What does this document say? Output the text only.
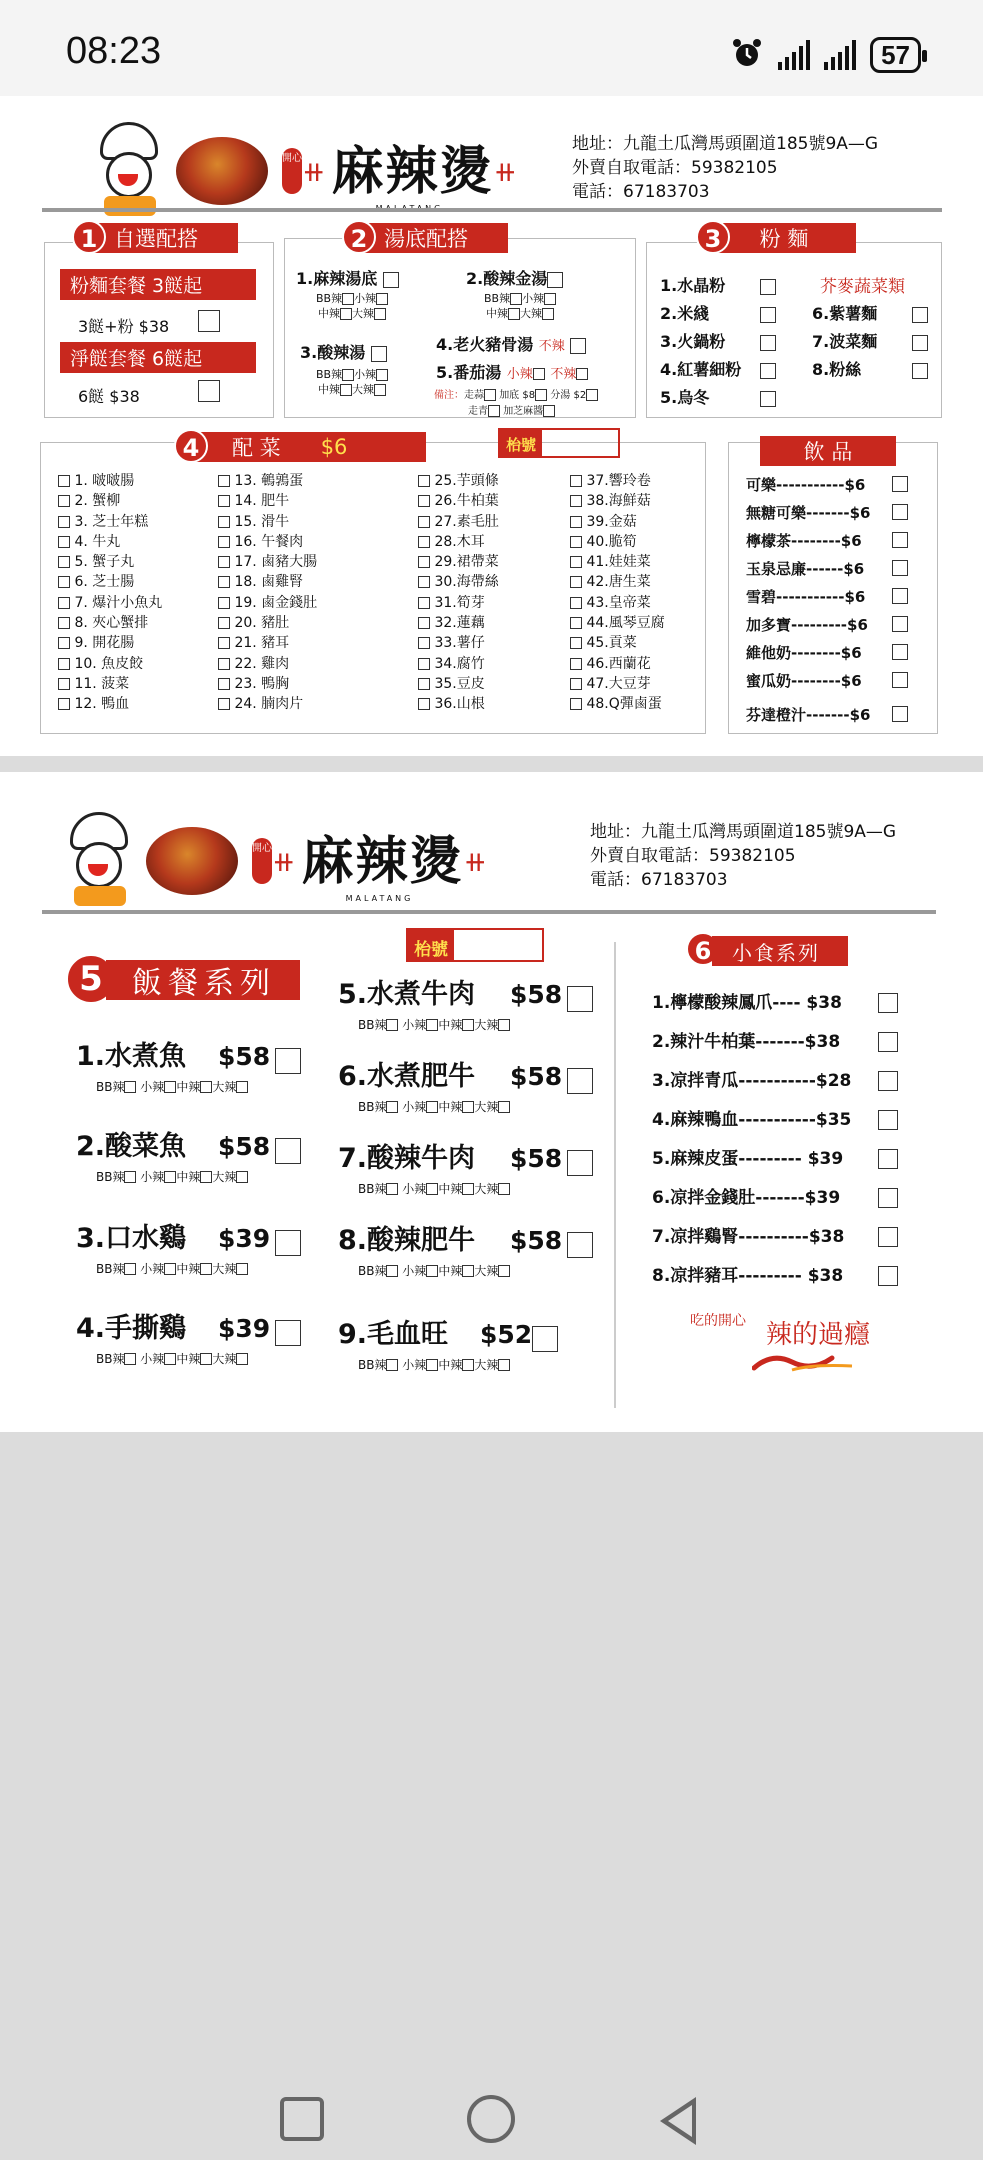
08:23	57
開心 ⧺ 麻辣燙 ⧺
地址：九龍土瓜灣馬頭圍道185號9A—G
外賣自取電話：59382105
電話：67183703
自選配搭
1
粉麵套餐 3餸起
3餸+粉 $38
淨餸套餐 6餸起
6餸 $38
湯底配搭
2
1.麻辣湯底
BB辣 小辣
中辣 大辣
2.酸辣金湯
BB辣 小辣
中辣 大辣
3.酸辣湯
BB辣 小辣
中辣 大辣
4.老火豬骨湯 不辣
5.番茄湯 小辣 不辣
備注：走蒜 加底 $8 分湯 $2
走青 加芝麻醬
粉 麵
3
1.水晶粉
2.米綫
3.火鍋粉
4.紅薯細粉
5.烏冬
芥麥蔬菜類
6.紫薯麵
7.波菜麵
8.粉絲
配 菜 $6
4	枱號
1. 啵啵腸
2. 蟹柳
3. 芝士年糕
4. 牛丸
5. 蟹子丸
6. 芝士腸
7. 爆汁小魚丸
8. 夾心蟹排
9. 開花腸
10. 魚皮餃
11. 菠菜
12. 鴨血
13. 鵪鶉蛋
14. 肥牛
15. 滑牛
16. 午餐肉
17. 鹵豬大腸
18. 鹵雞腎
19. 鹵金錢肚
20. 豬肚
21. 豬耳
22. 雞肉
23. 鴨胸
24. 腩肉片
25.芋頭條
26.牛柏葉
27.素毛肚
28.木耳
29.裙帶菜
30.海帶絲
31.筍芽
32.蓮藕
33.薯仔
34.腐竹
35.豆皮
36.山根
37.響玲卷
38.海鮮菇
39.金菇
40.脆筍
41.娃娃菜
42.唐生菜
43.皇帝菜
44.風琴豆腐
45.貢菜
46.西蘭花
47.大豆芽
48.Q彈鹵蛋
飲 品
可樂-----------$6
無糖可樂-------$6
檸檬茶--------$6
玉泉忌廉------$6
雪碧-----------$6
加多寶---------$6
維他奶--------$6
蜜瓜奶--------$6
芬達橙汁-------$6
開心 ⧺ 麻辣燙
MALATANG
⧺
地址：九龍土瓜灣馬頭圍道185號9A—G
外賣自取電話：59382105
電話：67183703
5 飯餐系列
枱號
1.水煮魚 $58
BB辣 小辣 中辣 大辣
2.酸菜魚 $58
BB辣 小辣 中辣 大辣
3.口水鷄 $39
BB辣 小辣 中辣 大辣
4.手撕鷄 $39
BB辣 小辣 中辣 大辣
5.水煮牛肉 $58
BB辣 小辣 中辣 大辣
6.水煮肥牛 $58
BB辣 小辣 中辣 大辣
7.酸辣牛肉 $58
BB辣 小辣 中辣 大辣
8.酸辣肥牛 $58
BB辣 小辣 中辣 大辣
9.毛血旺 $52
BB辣 小辣 中辣 大辣
6	小食系列
1.檸檬酸辣鳳爪---- $38
2.辣汁牛柏葉-------$38
3.凉拌青瓜-----------$28
4.麻辣鴨血-----------$35
5.麻辣皮蛋--------- $39
6.凉拌金錢肚-------$39
7.凉拌鷄腎----------$38
8.凉拌豬耳--------- $38
吃的開心 辣的過癮
